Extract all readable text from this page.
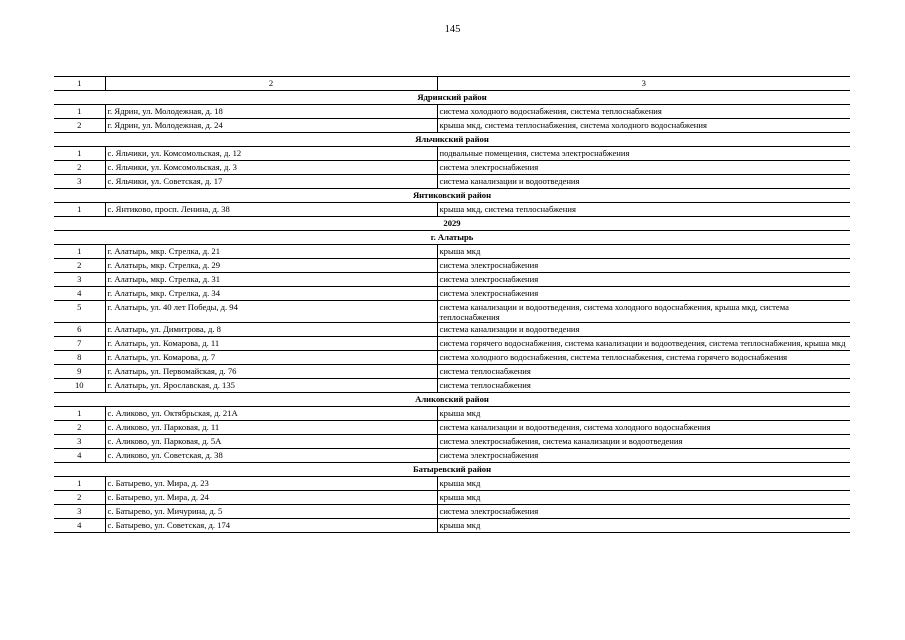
145
1	2	3
Ядринский район		
1	г. Ядрин, ул. Молодежная, д. 18	система холодного водоснабжения, система теплоснабжения
2	г. Ядрин, ул. Молодежная, д. 24	крыша мкд, система теплоснабжения, система холодного водоснабжения
Яльчикский район		
1	с. Яльчики, ул. Комсомольская, д. 12	подвальные помещения, система электроснабжения
2	с. Яльчики, ул. Комсомольская, д. 3	система электроснабжения
3	с. Яльчики, ул. Советская, д. 17	система канализации и водоотведения
Янтиковский район		
1	с. Янтиково, просп. Ленина, д. 38	крыша мкд, система теплоснабжения
2029		
г. Алатырь		
1	г. Алатырь, мкр. Стрелка, д. 21	крыша мкд
2	г. Алатырь, мкр. Стрелка, д. 29	система электроснабжения
3	г. Алатырь, мкр. Стрелка, д. 31	система электроснабжения
4	г. Алатырь, мкр. Стрелка, д. 34	система электроснабжения
5	г. Алатырь, ул. 40 лет Победы, д. 94	система канализации и водоотведения, система холодного водоснабжения, крыша мкд, система теплоснабжения
6	г. Алатырь, ул. Димитрова, д. 8	система канализации и водоотведения
7	г. Алатырь, ул. Комарова, д. 11	система горячего водоснабжения, система канализации и водоотведения, система теплоснабжения, крыша мкд
8	г. Алатырь, ул. Комарова, д. 7	система холодного водоснабжения, система теплоснабжения, система горячего водоснабжения
9	г. Алатырь, ул. Первомайская, д. 76	система теплоснабжения
10	г. Алатырь, ул. Ярославская, д. 135	система теплоснабжения
Аликовский район		
1	с. Аликово, ул. Октябрьская, д. 21А	крыша мкд
2	с. Аликово, ул. Парковая, д. 11	система канализации и водоотведения, система холодного водоснабжения
3	с. Аликово, ул. Парковая, д. 5А	система электроснабжения, система канализации и водоотведения
4	с. Аликово, ул. Советская, д. 38	система электроснабжения
Батыревский район		
1	с. Батырево, ул. Мира, д. 23	крыша мкд
2	с. Батырево, ул. Мира, д. 24	крыша мкд
3	с. Батырево, ул. Мичурина, д. 5	система электроснабжения
4	с. Батырево, ул. Советская, д. 174	крыша мкд
